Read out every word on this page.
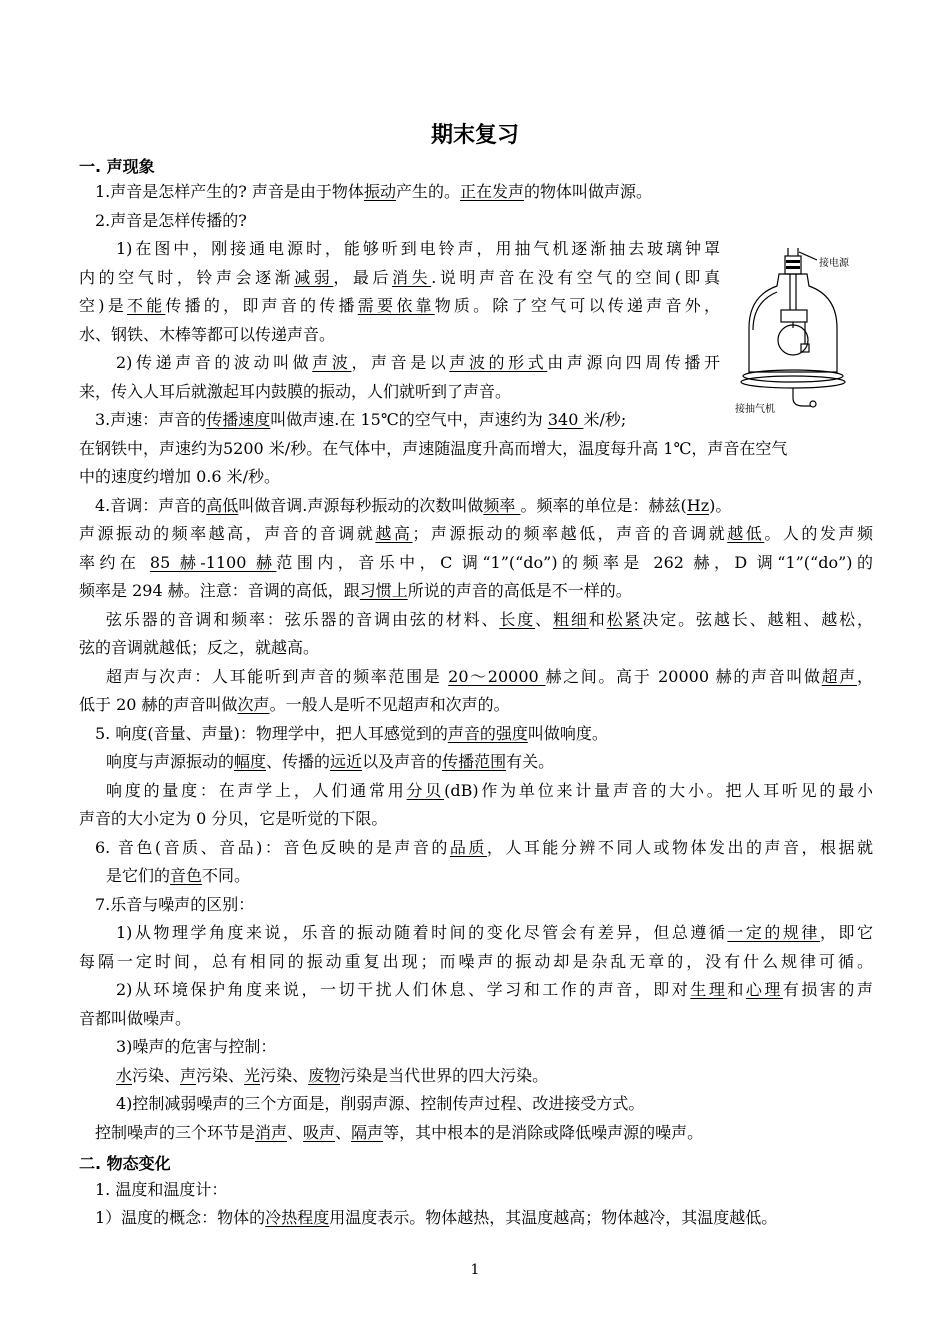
期末复习
一. 声现象
1.声音是怎样产生的? 声音是由于物体振动产生的。正在发声的物体叫做声源。
2.声音是怎样传播的?
1)在图中，刚接通电源时，能够听到电铃声，用抽气机逐渐抽去玻璃钟罩
内的空气时，铃声会逐渐减弱，最后消失.说明声音在没有空气的空间(即真
空)是不能传播的，即声音的传播需要依靠物质。除了空气可以传递声音外，
水、钢铁、木棒等都可以传递声音。
2)传递声音的波动叫做声波，声音是以声波的形式由声源向四周传播开
来，传入人耳后就激起耳内鼓膜的振动，人们就听到了声音。
3.声速：声音的传播速度叫做声速.在 15℃的空气中，声速约为 340 米/秒;
在钢铁中，声速约为5200 米/秒。在气体中，声速随温度升高而增大，温度每升高 1℃，声音在空气
中的速度约增加 0.6 米/秒。
4.音调：声音的高低叫做音调.声源每秒振动的次数叫做频率 。频率的单位是：赫兹(Hz)。
声源振动的频率越高，声音的音调就越高；声源振动的频率越低，声音的音调就越低。人的发声频
率约在 85 赫-1100 赫范围内，音乐中，C 调“1”(“do”)的频率是 262 赫，D 调“1”(“do”)的
频率是 294 赫。注意：音调的高低，跟习惯上所说的声音的高低是不一样的。
弦乐器的音调和频率：弦乐器的音调由弦的材料、长度、粗细和松紧决定。弦越长、越粗、越松，
弦的音调就越低；反之，就越高。
超声与次声：人耳能听到声音的频率范围是 20～20000 赫之间。高于 20000 赫的声音叫做超声，
低于 20 赫的声音叫做次声。一般人是听不见超声和次声的。
5. 响度(音量、声量)：物理学中，把人耳感觉到的声音的强度叫做响度。
响度与声源振动的幅度、传播的远近以及声音的传播范围有关。
响度的量度：在声学上，人们通常用分贝(dB)作为单位来计量声音的大小。把人耳听见的最小
声音的大小定为 0 分贝，它是听觉的下限。
6. 音色(音质、音品)：音色反映的是声音的品质，人耳能分辨不同人或物体发出的声音，根据就
是它们的音色不同。
7.乐音与噪声的区别：
1)从物理学角度来说，乐音的振动随着时间的变化尽管会有差异，但总遵循一定的规律，即它
每隔一定时间，总有相同的振动重复出现；而噪声的振动却是杂乱无章的，没有什么规律可循。
2)从环境保护角度来说，一切干扰人们休息、学习和工作的声音，即对生理和心理有损害的声
音都叫做噪声。
3)噪声的危害与控制：
水污染、声污染、光污染、废物污染是当代世界的四大污染。
4)控制减弱噪声的三个方面是，削弱声源、控制传声过程、改进接受方式。
控制噪声的三个环节是消声、吸声、隔声等，其中根本的是消除或降低噪声源的噪声。
二. 物态变化
1. 温度和温度计：
1）温度的概念：物体的冷热程度用温度表示。物体越热，其温度越高；物体越冷，其温度越低。
接电源
接抽气机
1
